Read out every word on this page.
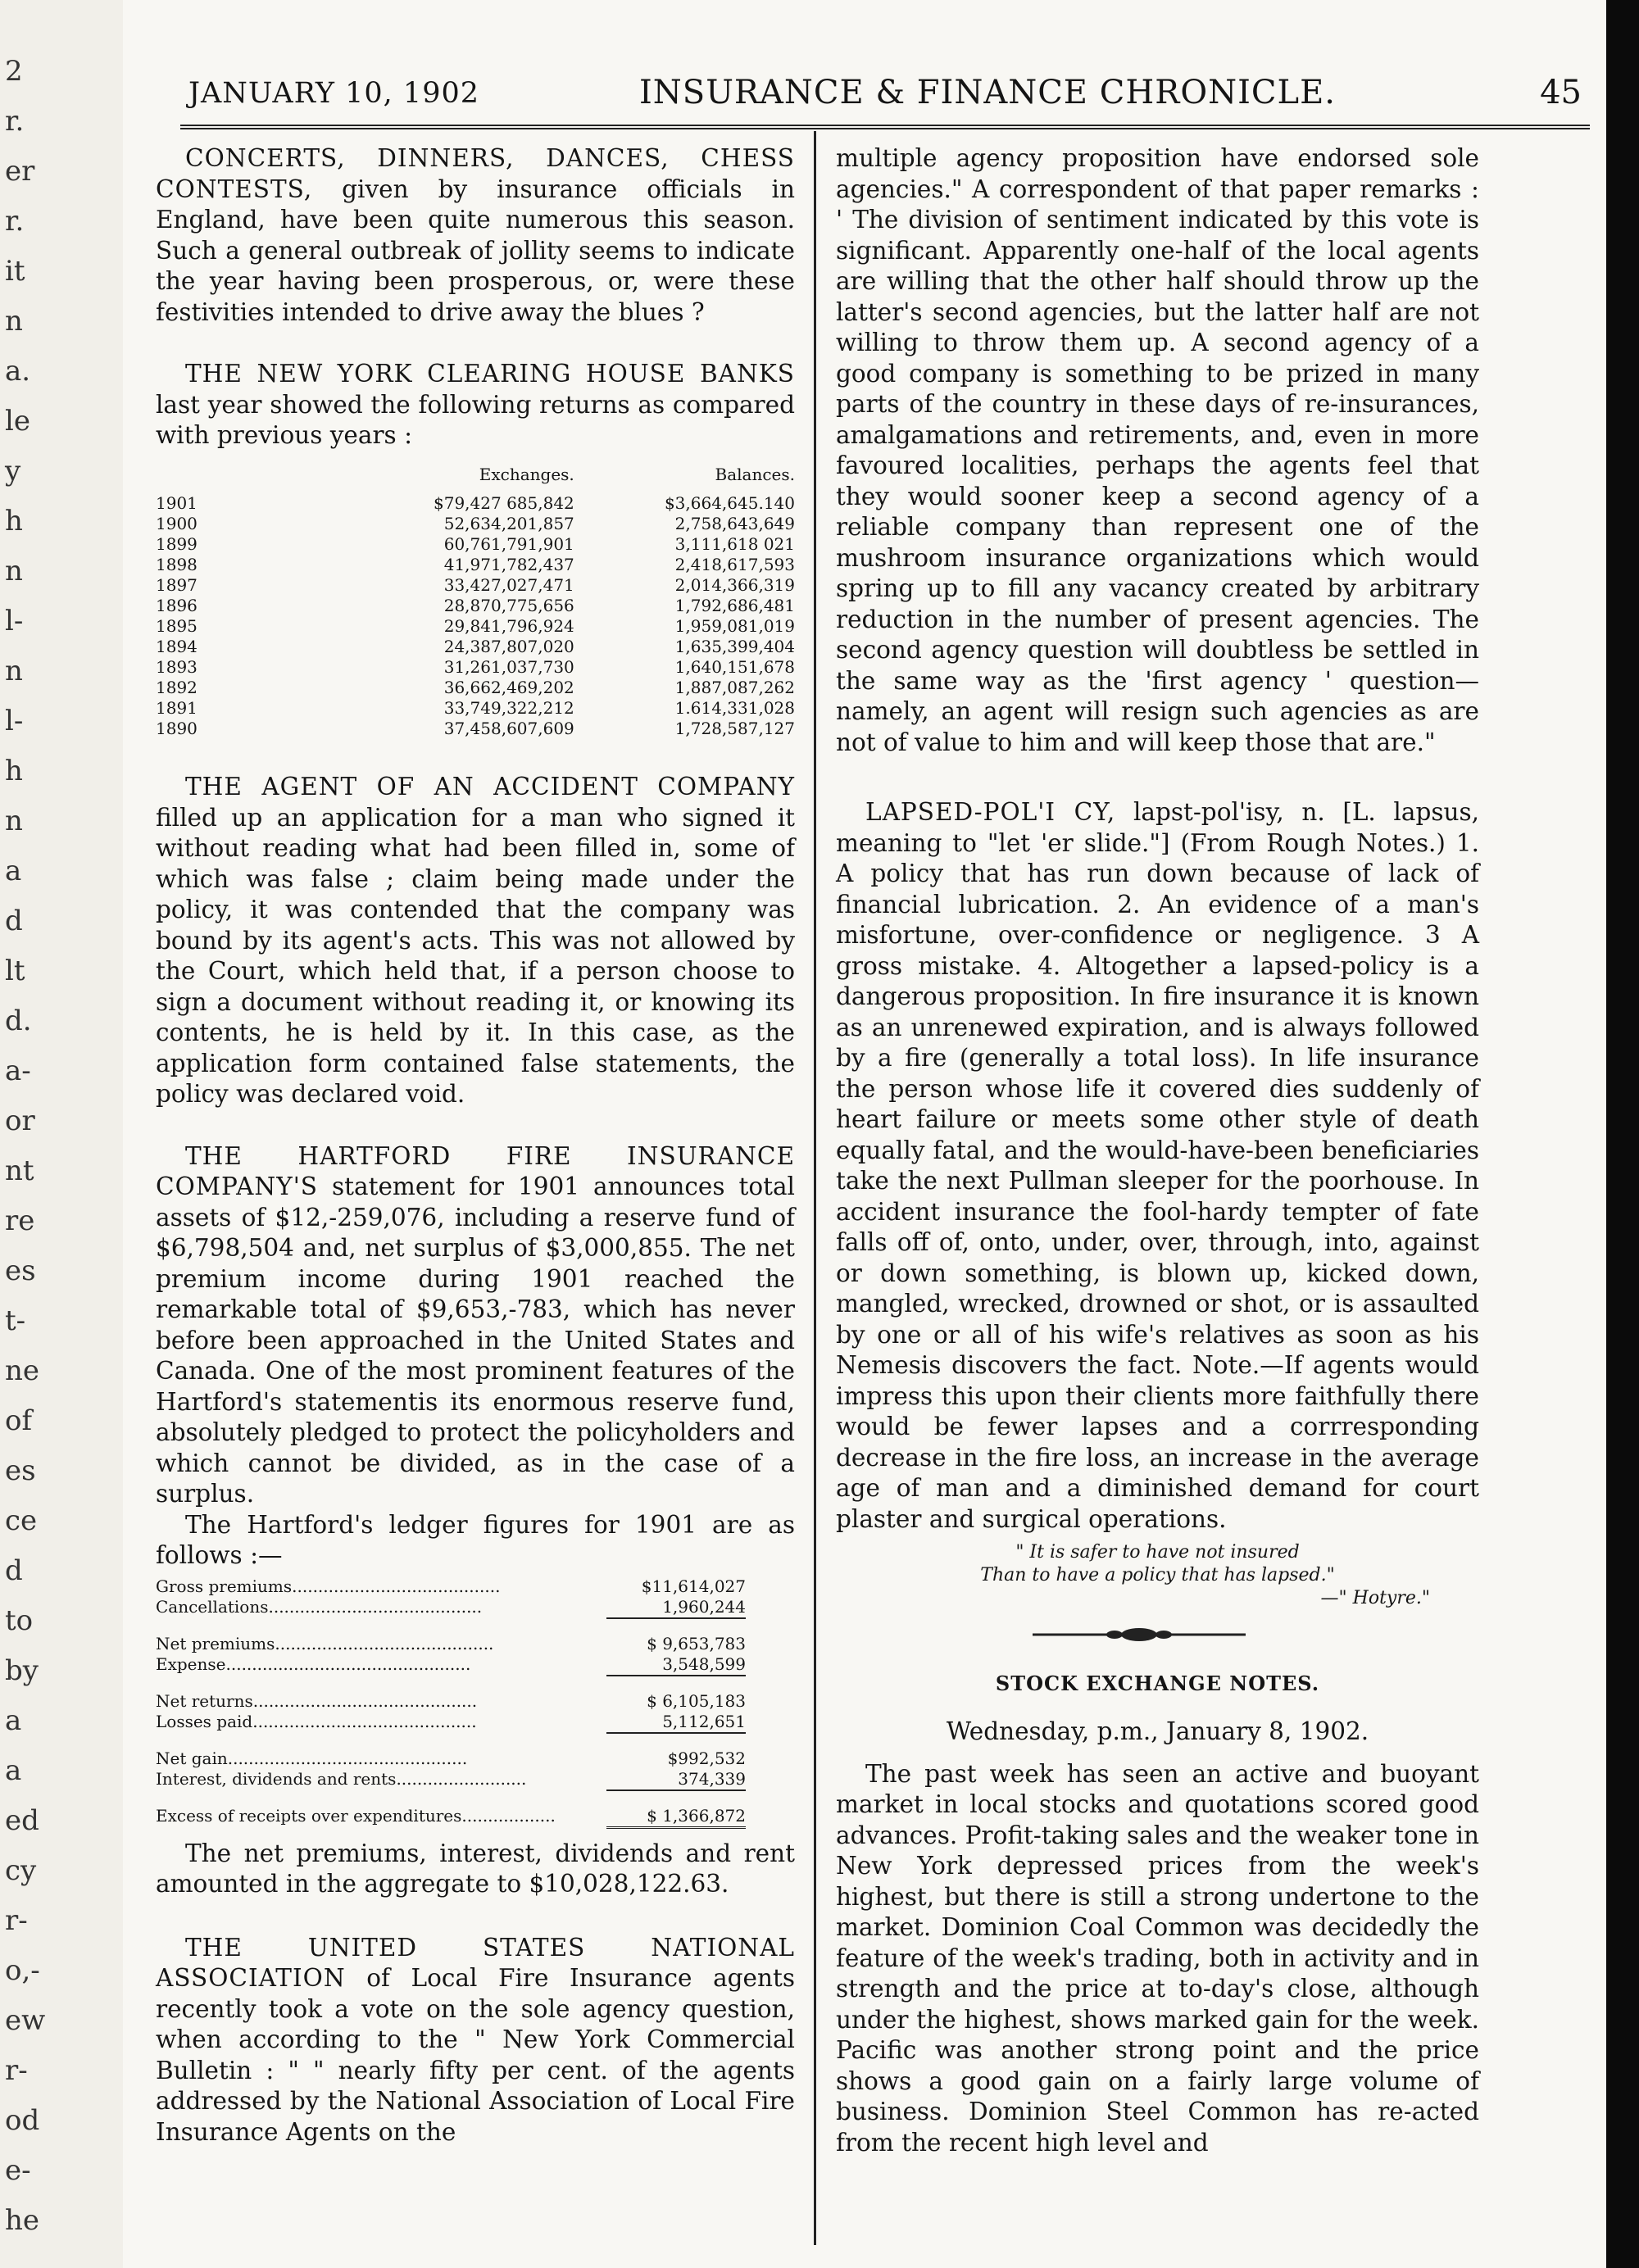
2
r.
er
r.
it
n
a.
le
y
h
n
l-
n
l-
h
n
a
d
lt
d.
a-
or
nt
re
es
t-
ne
of
es
ce
d
to
by
a
a
ed
cy
r-
o,-
ew
r-
od
e-
he
JANUARY 10, 1902	INSURANCE & FINANCE CHRONICLE.	45

CONCERTS, DINNERS, DANCES, CHESS CONTESTS, given by insurance officials in England, have been quite numerous this season. Such a general outbreak of jollity seems to indicate the year having been prosperous, or, were these festivities intended to drive away the blues ?

THE NEW YORK CLEARING HOUSE BANKS last year showed the following returns as compared with previous years :

	Exchanges.	Balances.
1901	$79,427 685,842	$3,664,645.140
1900	52,634,201,857	2,758,643,649
1899	60,761,791,901	3,111,618 021
1898	41,971,782,437	2,418,617,593
1897	33,427,027,471	2,014,366,319
1896	28,870,775,656	1,792,686,481
1895	29,841,796,924	1,959,081,019
1894	24,387,807,020	1,635,399,404
1893	31,261,037,730	1,640,151,678
1892	36,662,469,202	1,887,087,262
1891	33,749,322,212	1.614,331,028
1890	37,458,607,609	1,728,587,127

THE AGENT OF AN ACCIDENT COMPANY filled up an application for a man who signed it without reading what had been filled in, some of which was false ; claim being made under the policy, it was contended that the company was bound by its agent's acts. This was not allowed by the Court, which held that, if a person choose to sign a document without reading it, or knowing its contents, he is held by it. In this case, as the application form contained false statements, the policy was declared void.

THE HARTFORD FIRE INSURANCE COMPANY'S statement for 1901 announces total assets of $12,-259,076, including a reserve fund of $6,798,504 and, net surplus of $3,000,855. The net premium income during 1901 reached the remarkable total of $9,653,-783, which has never before been approached in the United States and Canada. One of the most prominent features of the Hartford's statementis its enormous reserve fund, absolutely pledged to protect the policyholders and which cannot be divided, as in the case of a surplus.

The Hartford's ledger figures for 1901 are as follows :—

Gross premiums........................................	$11,614,027
Cancellations.........................................	1,960,244

Net premiums..........................................	$ 9,653,783
Expense...............................................	3,548,599

Net returns...........................................	$ 6,105,183
Losses paid...........................................	5,112,651

Net gain..............................................	$992,532
Interest, dividends and rents.........................	374,339

Excess of receipts over expenditures..................	$ 1,366,872

The net premiums, interest, dividends and rent amounted in the aggregate to $10,028,122.63.

THE UNITED STATES NATIONAL ASSOCIATION of Local Fire Insurance agents recently took a vote on the sole agency question, when according to the " New York Commercial Bulletin : " " nearly fifty per cent. of the agents addressed by the National Association of Local Fire Insurance Agents on the

multiple agency proposition have endorsed sole agencies." A correspondent of that paper remarks : ' The division of sentiment indicated by this vote is significant. Apparently one-half of the local agents are willing that the other half should throw up the latter's second agencies, but the latter half are not willing to throw them up. A second agency of a good company is something to be prized in many parts of the country in these days of re-insurances, amalgamations and retirements, and, even in more favoured localities, perhaps the agents feel that they would sooner keep a second agency of a reliable company than represent one of the mushroom insurance organizations which would spring up to fill any vacancy created by arbitrary reduction in the number of present agencies. The second agency question will doubtless be settled in the same way as the 'first agency ' question—namely, an agent will resign such agencies as are not of value to him and will keep those that are."

LAPSED-POL'I CY, lapst-pol'isy, n. [L. lapsus, meaning to "let 'er slide."] (From Rough Notes.) 1. A policy that has run down because of lack of financial lubrication. 2. An evidence of a man's misfortune, over-confidence or negligence. 3 A gross mistake. 4. Altogether a lapsed-policy is a dangerous proposition. In fire insurance it is known as an unrenewed expiration, and is always followed by a fire (generally a total loss). In life insurance the person whose life it covered dies suddenly of heart failure or meets some other style of death equally fatal, and the would-have-been beneficiaries take the next Pullman sleeper for the poorhouse. In accident insurance the fool-hardy tempter of fate falls off of, onto, under, over, through, into, against or down something, is blown up, kicked down, mangled, wrecked, drowned or shot, or is assaulted by one or all of his wife's relatives as soon as his Nemesis discovers the fact. Note.—If agents would impress this upon their clients more faithfully there would be fewer lapses and a corrresponding decrease in the fire loss, an increase in the average age of man and a diminished demand for court plaster and surgical operations.

" It is safer to have not insured
Than to have a policy that has lapsed."
—" Hotyre."
STOCK EXCHANGE NOTES.
Wednesday, p.m., January 8, 1902.

The past week has seen an active and buoyant market in local stocks and quotations scored good advances. Profit-taking sales and the weaker tone in New York depressed prices from the week's highest, but there is still a strong undertone to the market. Dominion Coal Common was decidedly the feature of the week's trading, both in activity and in strength and the price at to-day's close, although under the highest, shows marked gain for the week. Pacific was another strong point and the price shows a good gain on a fairly large volume of business. Dominion Steel Common has re-acted from the recent high level and
